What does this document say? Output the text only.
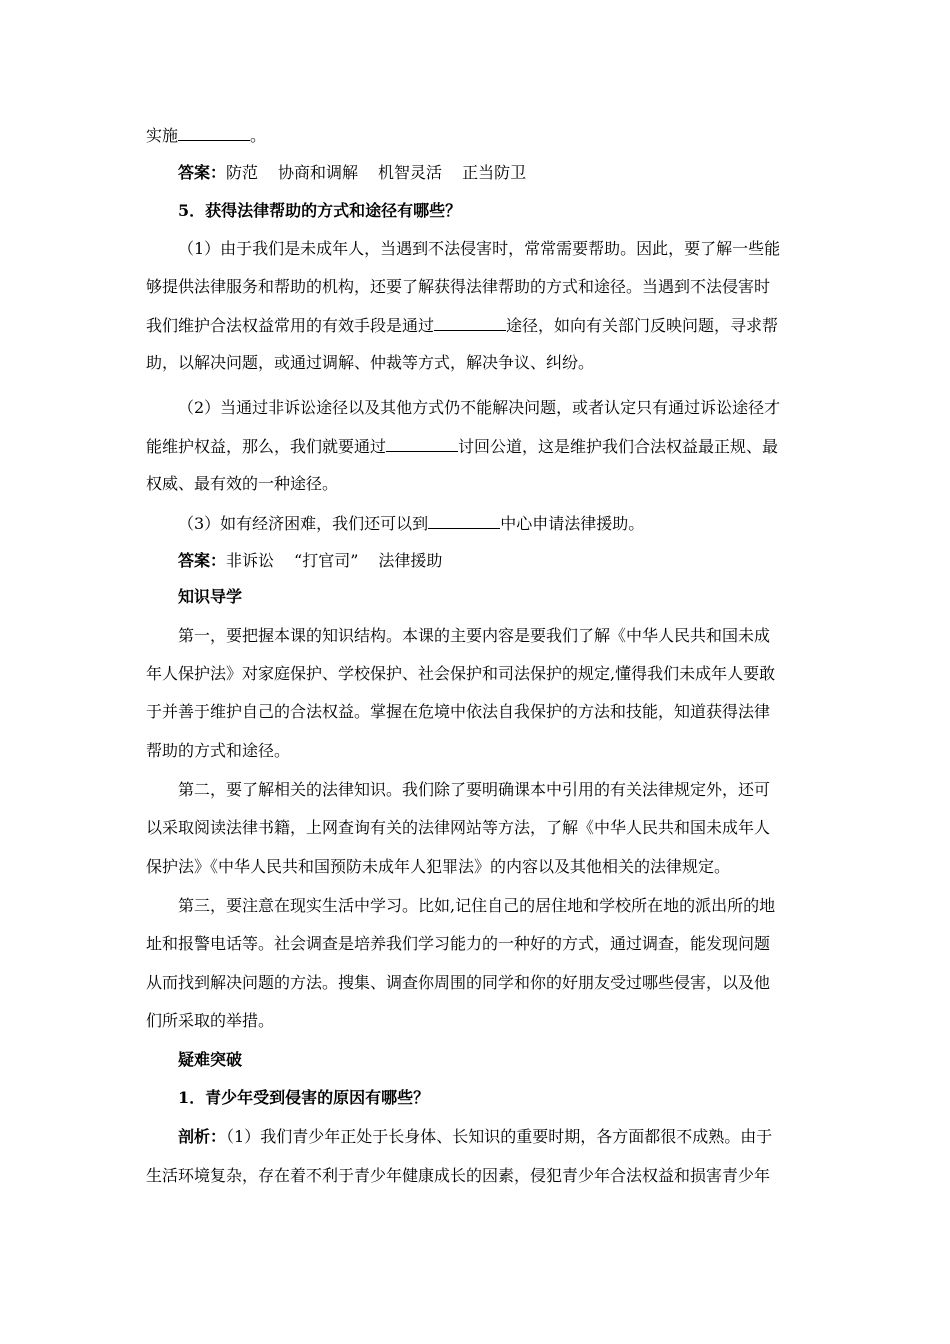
实施	。
答案：防范 协商和调解 机智灵活 正当防卫
5．获得法律帮助的方式和途径有哪些？
（1）由于我们是未成年人，当遇到不法侵害时，常常需要帮助。因此，要了解一些能
够提供法律服务和帮助的机构，还要了解获得法律帮助的方式和途径。当遇到不法侵害时
我们维护合法权益常用的有效手段是通过	途径，如向有关部门反映问题，寻求帮
助，以解决问题，或通过调解、仲裁等方式，解决争议、纠纷。
（2）当通过非诉讼途径以及其他方式仍不能解决问题，或者认定只有通过诉讼途径才
能维护权益，那么，我们就要通过	讨回公道，这是维护我们合法权益最正规、最
权威、最有效的一种途径。
（3）如有经济困难，我们还可以到	中心申请法律援助。
答案：非诉讼 “打官司” 法律援助
知识导学
第一，要把握本课的知识结构。本课的主要内容是要我们了解《中华人民共和国未成
年人保护法》对家庭保护、学校保护、社会保护和司法保护的规定,懂得我们未成年人要敢
于并善于维护自己的合法权益。掌握在危境中依法自我保护的方法和技能，知道获得法律
帮助的方式和途径。
第二，要了解相关的法律知识。我们除了要明确课本中引用的有关法律规定外，还可
以采取阅读法律书籍，上网查询有关的法律网站等方法，了解《中华人民共和国未成年人
保护法》《中华人民共和国预防未成年人犯罪法》的内容以及其他相关的法律规定。
第三，要注意在现实生活中学习。比如,记住自己的居住地和学校所在地的派出所的地
址和报警电话等。社会调查是培养我们学习能力的一种好的方式，通过调查，能发现问题
从而找到解决问题的方法。搜集、调查你周围的同学和你的好朋友受过哪些侵害，以及他
们所采取的举措。
疑难突破
1．青少年受到侵害的原因有哪些？
剖析：（1）我们青少年正处于长身体、长知识的重要时期，各方面都很不成熟。由于
生活环境复杂，存在着不利于青少年健康成长的因素，侵犯青少年合法权益和损害青少年
